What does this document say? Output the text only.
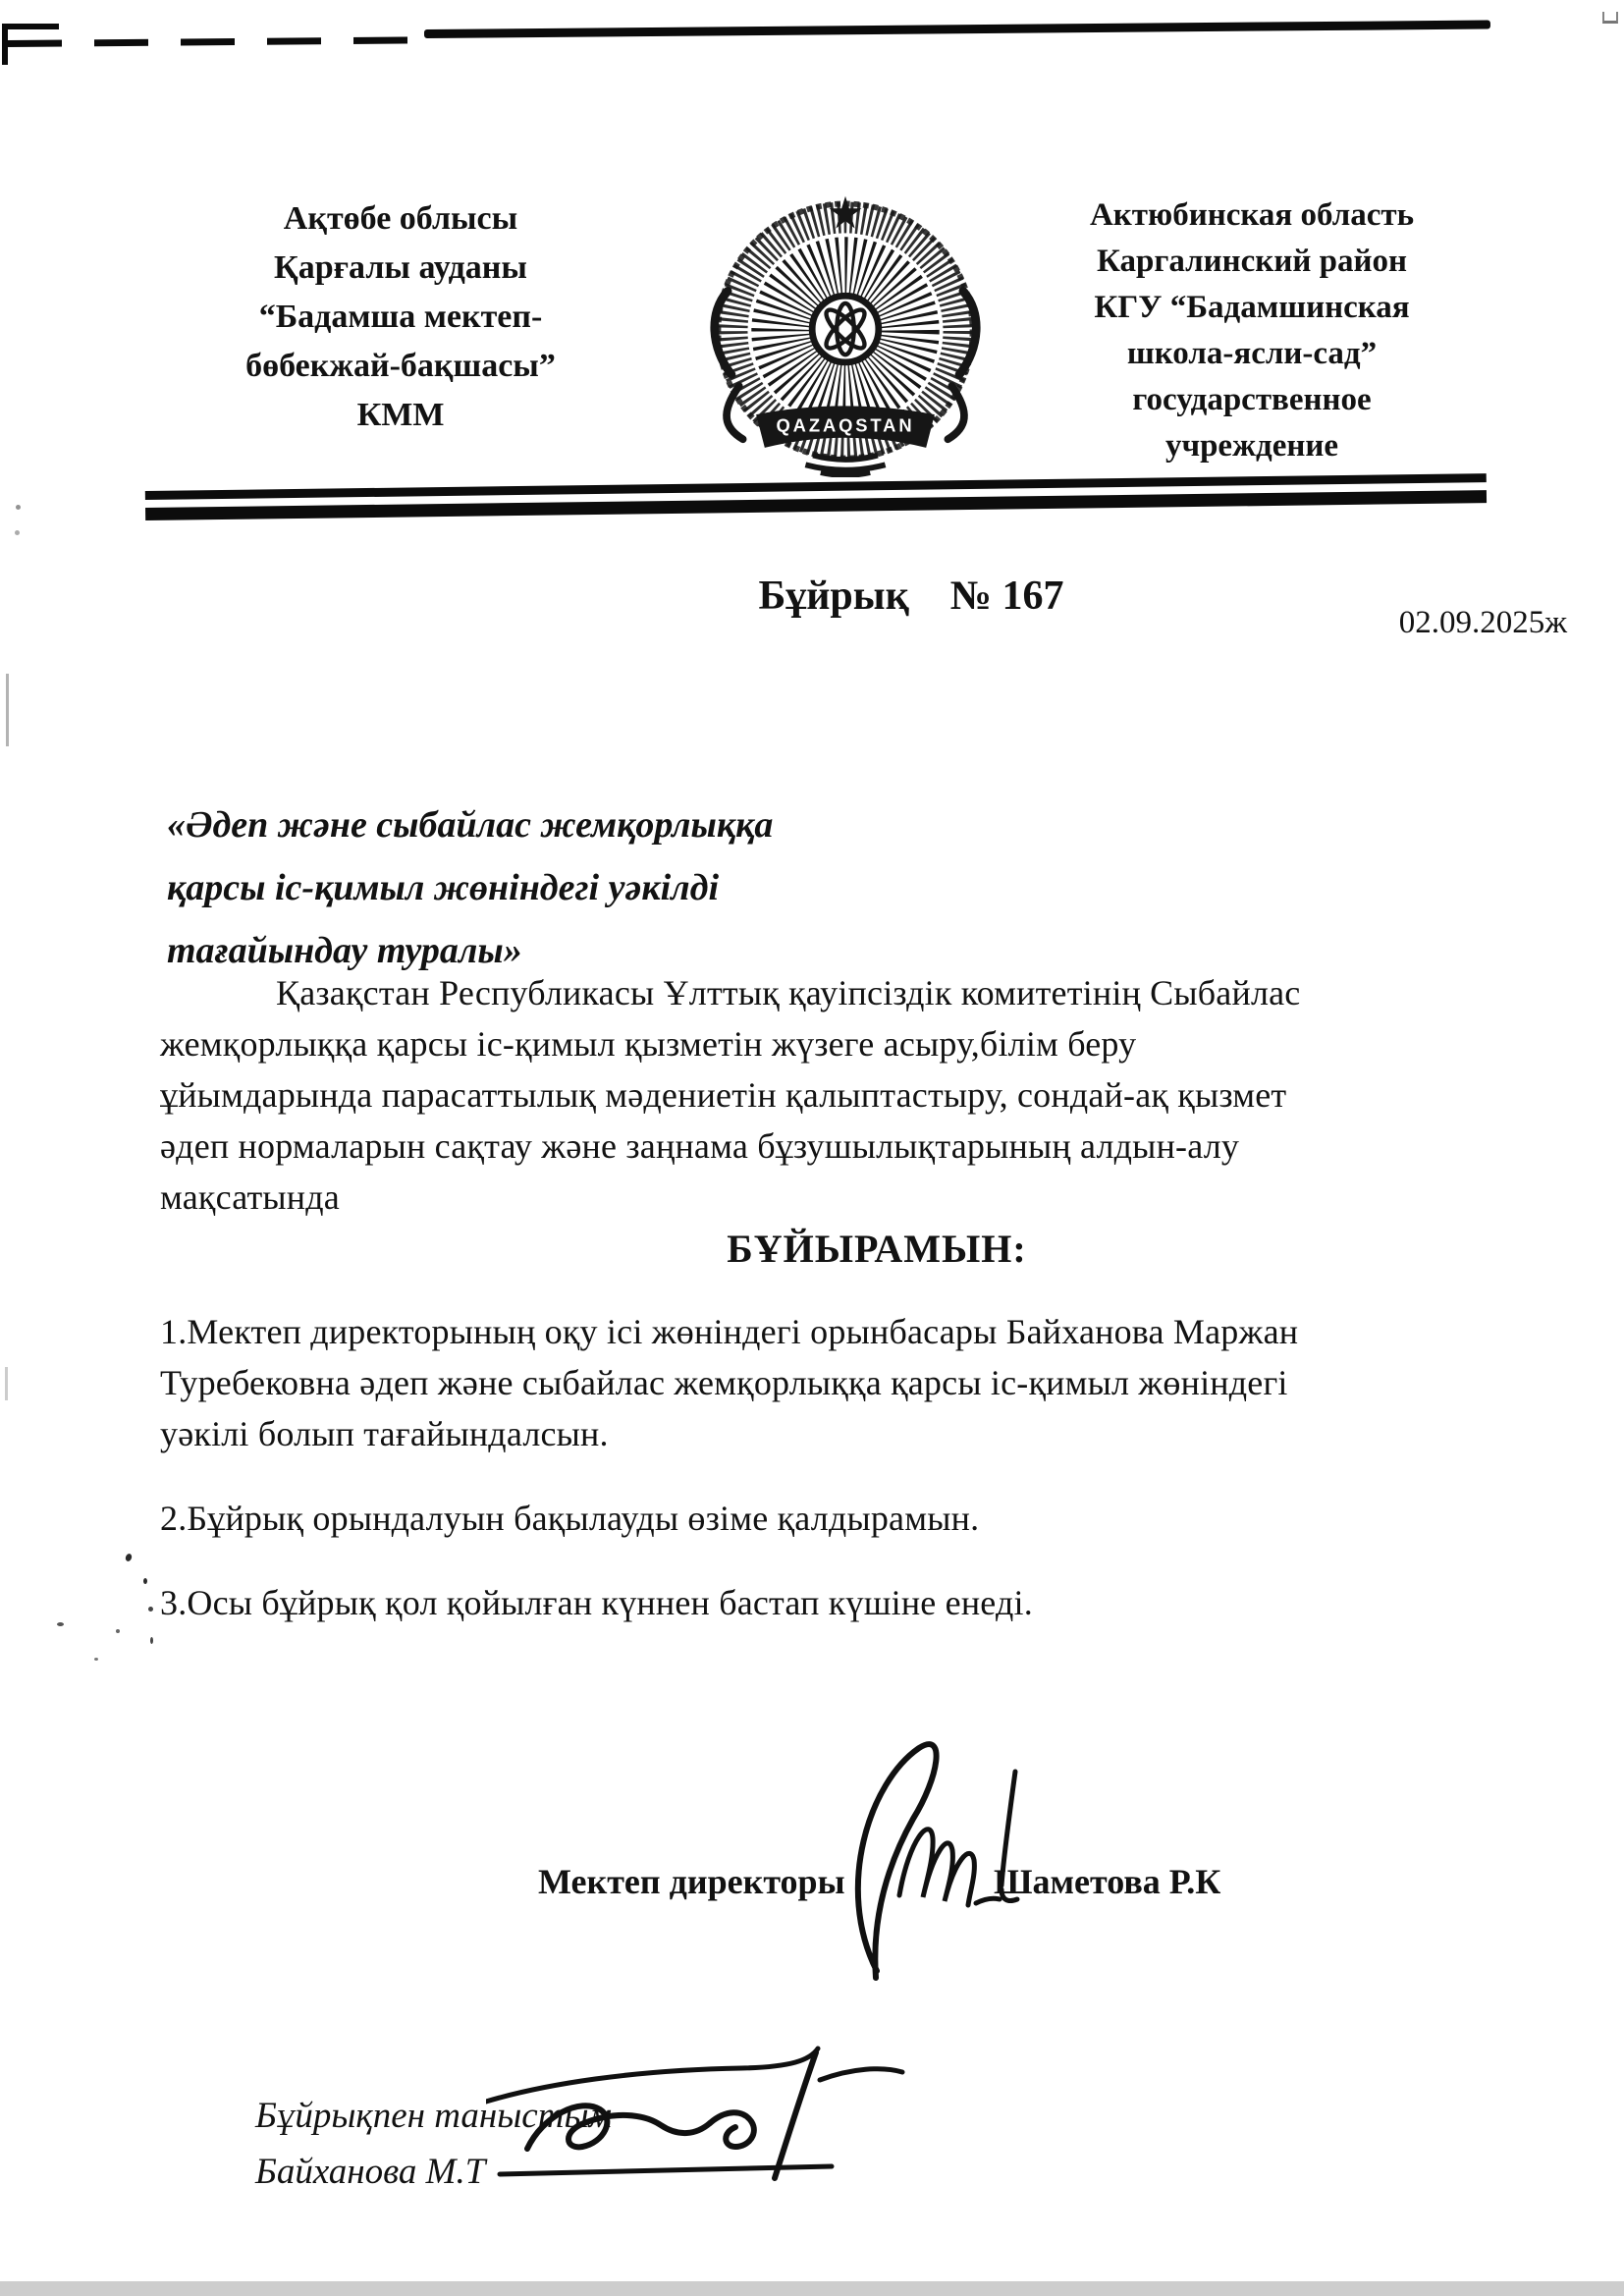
Ақтөбе облысы
Қарғалы ауданы
“Бадамша мектеп-
бөбекжай-бақшасы”
КММ	QAZAQSTAN
Актюбинская область
Каргалинский район
КГУ “Бадамшинская
школа-ясли-сад”
государственное
учреждение
Бұйрық № 167
02.09.2025ж
«Әдеп және сыбайлас жемқорлыққа
қарсы іс-қимыл жөніндегі уәкілді
тағайындау туралы»
Қазақстан Республикасы Ұлттық қауіпсіздік комитетінің Сыбайлас
жемқорлыққа қарсы іс-қимыл қызметін жүзеге асыру,білім беру
ұйымдарында парасаттылық мәдениетін қалыптастыру, сондай-ақ қызмет
әдеп нормаларын сақтау және заңнама бұзушылықтарының алдын-алу
мақсатында
БҰЙЫРАМЫН:
1.Мектеп директорының оқу ісі жөніндегі орынбасары Байханова Маржан
Туребековна әдеп және сыбайлас жемқорлыққа қарсы іс-қимыл жөніндегі
уәкілі болып тағайындалсын.
2.Бұйрық орындалуын бақылауды өзіме қалдырамын.
3.Осы бұйрық қол қойылған күннен бастап күшіне енеді.
Мектеп директоры	Шаметова Р.К
Бұйрықпен таныстым
Байханова М.Т
